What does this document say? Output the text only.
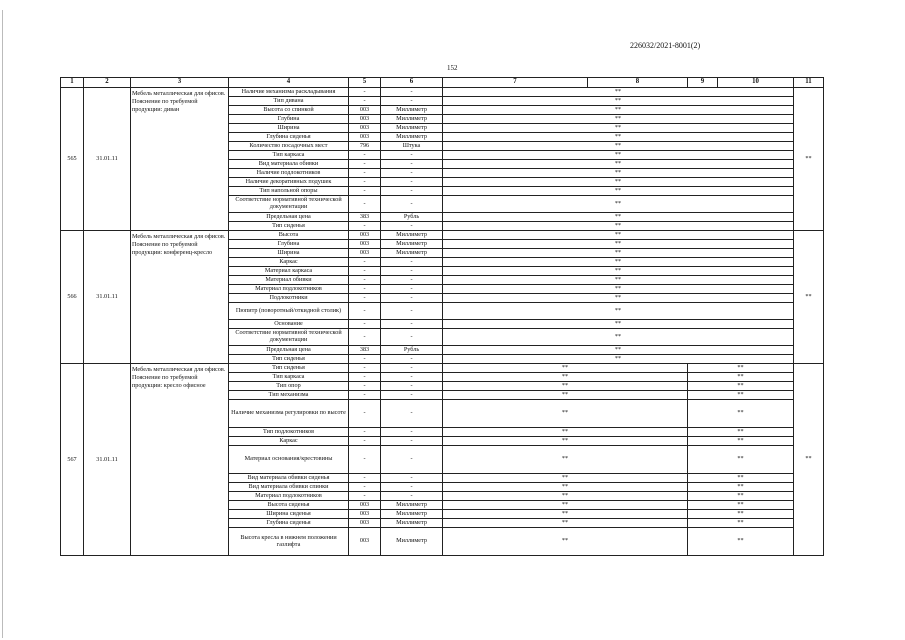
226032/2021-8001(2)
152
1	2	3	4	5	6	7	8	9	10	11
565	31.01.11	Мебель металлическая для офисов. Пояснение по требуемой продукции: диван	Наличие механизма раскладывания	-	-	**				**
			Тип дивана	-	-	**				
			Высота со спинкой	003	Миллиметр	**				
			Глубина	003	Миллиметр	**				
			Ширина	003	Миллиметр	**				
			Глубина сиденья	003	Миллиметр	**				
			Количество посадочных мест	796	Штука	**				
			Тип каркаса	-	-	**				
			Вид материала обивки	-	-	**				
			Наличие подлокотников	-	-	**				
			Наличие декоративных подушек	-	-	**				
			Тип напольной опоры	-	-	**				
			Соответствие нормативной технической документации	-	-	**				
			Предельная цена	383	Рубль	**				
			Тип сиденья	-	-	**				
566	31.01.11	Мебель металлическая для офисов. Пояснение по требуемой продукции: конференц-кресло	Высота	003	Миллиметр	**				**
			Глубина	003	Миллиметр	**				
			Ширина	003	Миллиметр	**				
			Каркас	-	-	**				
			Материал каркаса	-	-	**				
			Материал обивки	-	-	**				
			Материал подлокотников	-	-	**				
			Подлокотники	-	-	**				
			Пюпитр (поворотный/откидной столик)	-	-	**				
			Основание	-	-	**				
			Соответствие нормативной технической документации	-	-	**				
			Предельная цена	383	Рубль	**				
			Тип сиденья	-	-	**				
567	31.01.11	Мебель металлическая для офисов. Пояснение по требуемой продукции: кресло офисное	Тип сиденья	-	-	**		**		**
			Тип каркаса	-	-	**		**		
			Тип опор	-	-	**		**		
			Тип механизма	-	-	**		**		
			Наличие механизма регулировки по высоте	-	-	**		**		
			Тип подлокотников	-	-	**		**		
			Каркас	-	-	**		**		
			Материал основания/крестовины	-	-	**		**		
			Вид материала обивки сиденья	-	-	**		**		
			Вид материала обивки спинки	-	-	**		**		
			Материал подлокотников	-	-	**		**		
			Высота сиденья	003	Миллиметр	**		**		
			Ширина сиденья	003	Миллиметр	**		**		
			Глубина сиденья	003	Миллиметр	**		**		
			Высота кресла в нижнем положении газлифта	003	Миллиметр	**		**		
